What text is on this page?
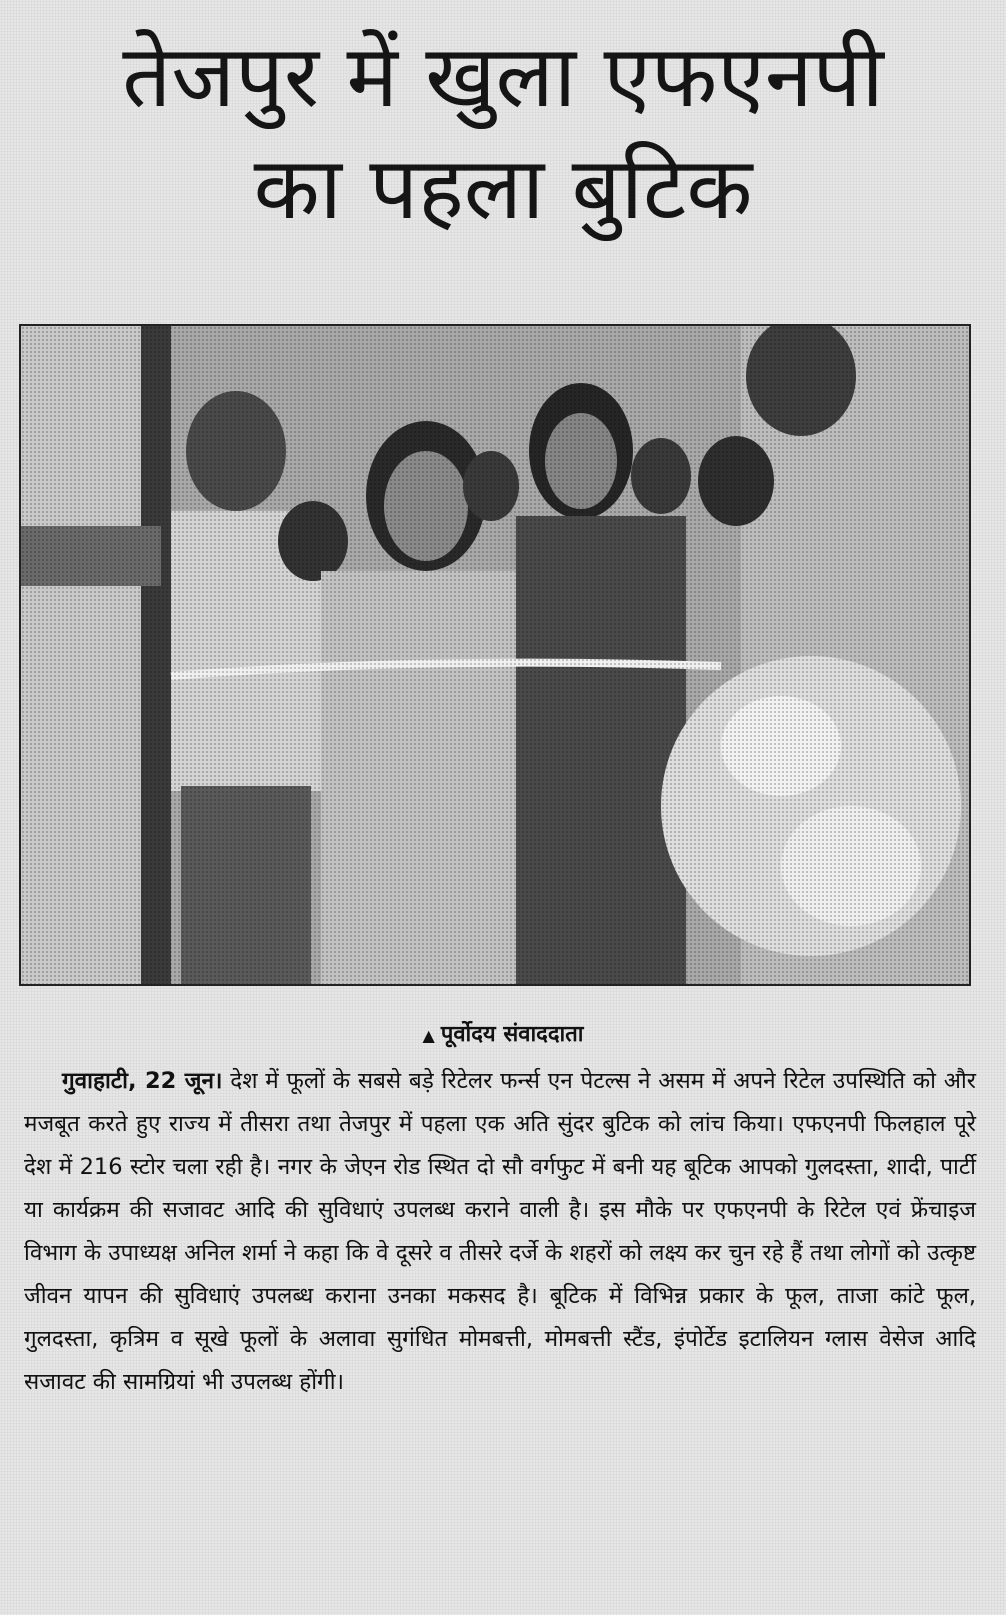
तेजपुर में खुला एफएनपी
का पहला बुटिक
▲ पूर्वोदय संवाददाता

गुवाहाटी, 22 जून। देश में फूलों के सबसे बड़े रिटेलर फर्न्स एन पेटल्स ने असम में अपने रिटेल उपस्थिति को और मजबूत करते हुए राज्य में तीसरा तथा तेजपुर में पहला एक अति सुंदर बुटिक को लांच किया। एफएनपी फिलहाल पूरे देश में 216 स्टोर चला रही है। नगर के जेएन रोड स्थित दो सौ वर्गफुट में बनी यह बूटिक आपको गुलदस्ता, शादी, पार्टी या कार्यक्रम की सजावट आदि की सुविधाएं उपलब्ध कराने वाली है। इस मौके पर एफएनपी के रिटेल एवं फ्रेंचाइज विभाग के उपाध्यक्ष अनिल शर्मा ने कहा कि वे दूसरे व तीसरे दर्जे के शहरों को लक्ष्य कर चुन रहे हैं तथा लोगों को उत्कृष्ट जीवन यापन की सुविधाएं उपलब्ध कराना उनका मकसद है। बूटिक में विभिन्न प्रकार के फूल, ताजा कांटे फूल, गुलदस्ता, कृत्रिम व सूखे फूलों के अलावा सुगंधित मोमबत्ती, मोमबत्ती स्टैंड, इंपोर्टेड इटालियन ग्लास वेसेज आदि सजावट की सामग्रियां भी उपलब्ध होंगी।
